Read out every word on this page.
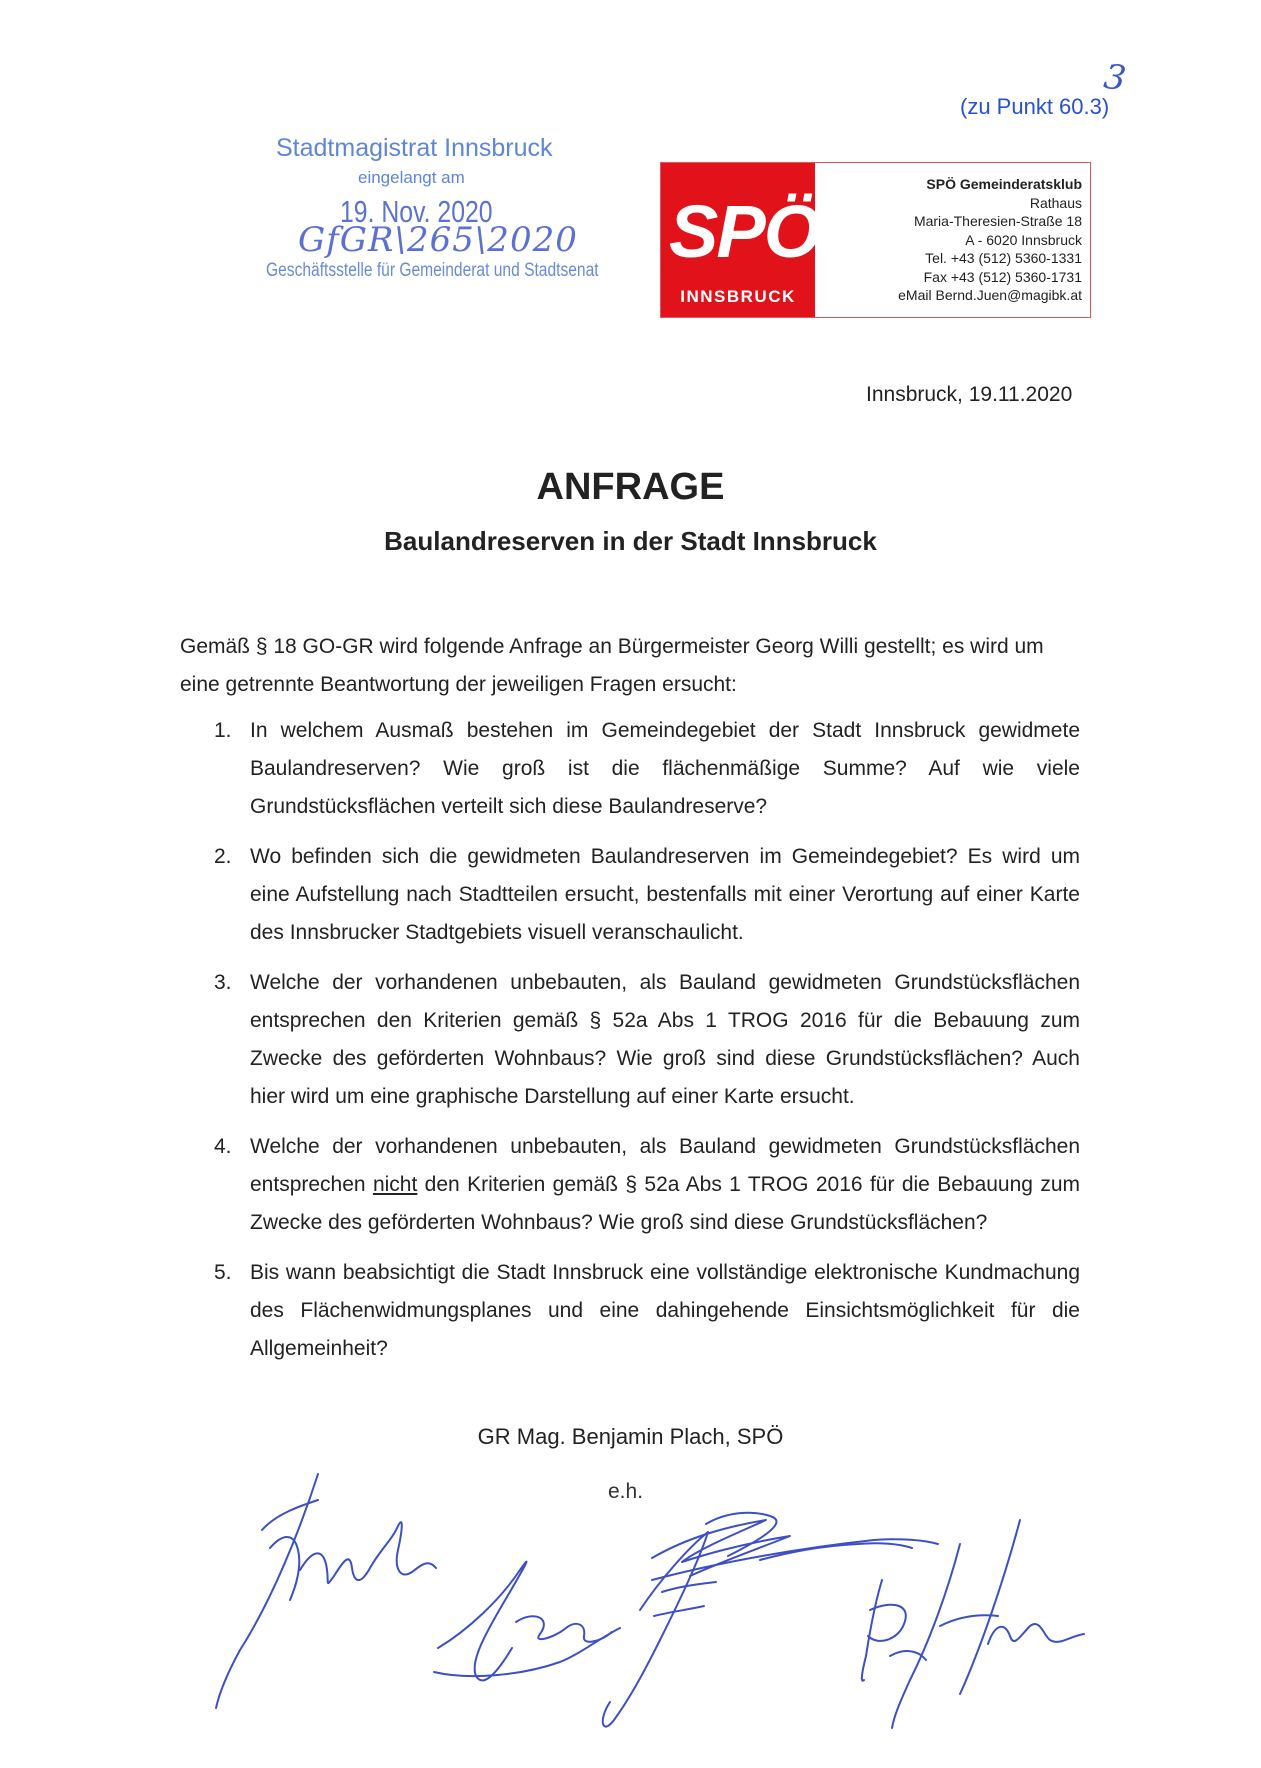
(zu Punkt 60.3)
3
Stadtmagistrat Innsbruck
eingelangt am
19. Nov. 2020
GfGR\265\2020
Geschäftsstelle für Gemeinderat und Stadtsenat SPÖ
INNSBRUCK
SPÖ Gemeinderatsklub
Rathaus
Maria-Theresien-Straße 18
A - 6020 Innsbruck
Tel. +43 (512) 5360-1331
Fax +43 (512) 5360-1731
eMail Bernd.Juen@magibk.at
Innsbruck, 19.11.2020
ANFRAGE
Baulandreserven in der Stadt Innsbruck
Gemäß § 18 GO-GR wird folgende Anfrage an Bürgermeister Georg Willi gestellt; es wird um eine getrennte Beantwortung der jeweiligen Fragen ersucht:
1. In welchem Ausmaß bestehen im Gemeindegebiet der Stadt Innsbruck gewidmete Baulandreserven? Wie groß ist die flächenmäßige Summe? Auf wie viele Grundstücksflächen verteilt sich diese Baulandreserve?
2. Wo befinden sich die gewidmeten Baulandreserven im Gemeindegebiet? Es wird um eine Aufstellung nach Stadtteilen ersucht, bestenfalls mit einer Verortung auf einer Karte des Innsbrucker Stadtgebiets visuell veranschaulicht.
3. Welche der vorhandenen unbebauten, als Bauland gewidmeten Grundstücksflächen entsprechen den Kriterien gemäß § 52a Abs 1 TROG 2016 für die Bebauung zum Zwecke des geförderten Wohnbaus? Wie groß sind diese Grundstücksflächen? Auch hier wird um eine graphische Darstellung auf einer Karte ersucht.
4. Welche der vorhandenen unbebauten, als Bauland gewidmeten Grundstücksflächen entsprechen nicht den Kriterien gemäß § 52a Abs 1 TROG 2016 für die Bebauung zum Zwecke des geförderten Wohnbaus? Wie groß sind diese Grundstücksflächen?
5. Bis wann beabsichtigt die Stadt Innsbruck eine vollständige elektronische Kundmachung des Flächenwidmungsplanes und eine dahingehende Einsichtsmöglichkeit für die Allgemeinheit?
GR Mag. Benjamin Plach, SPÖ
e.h.
